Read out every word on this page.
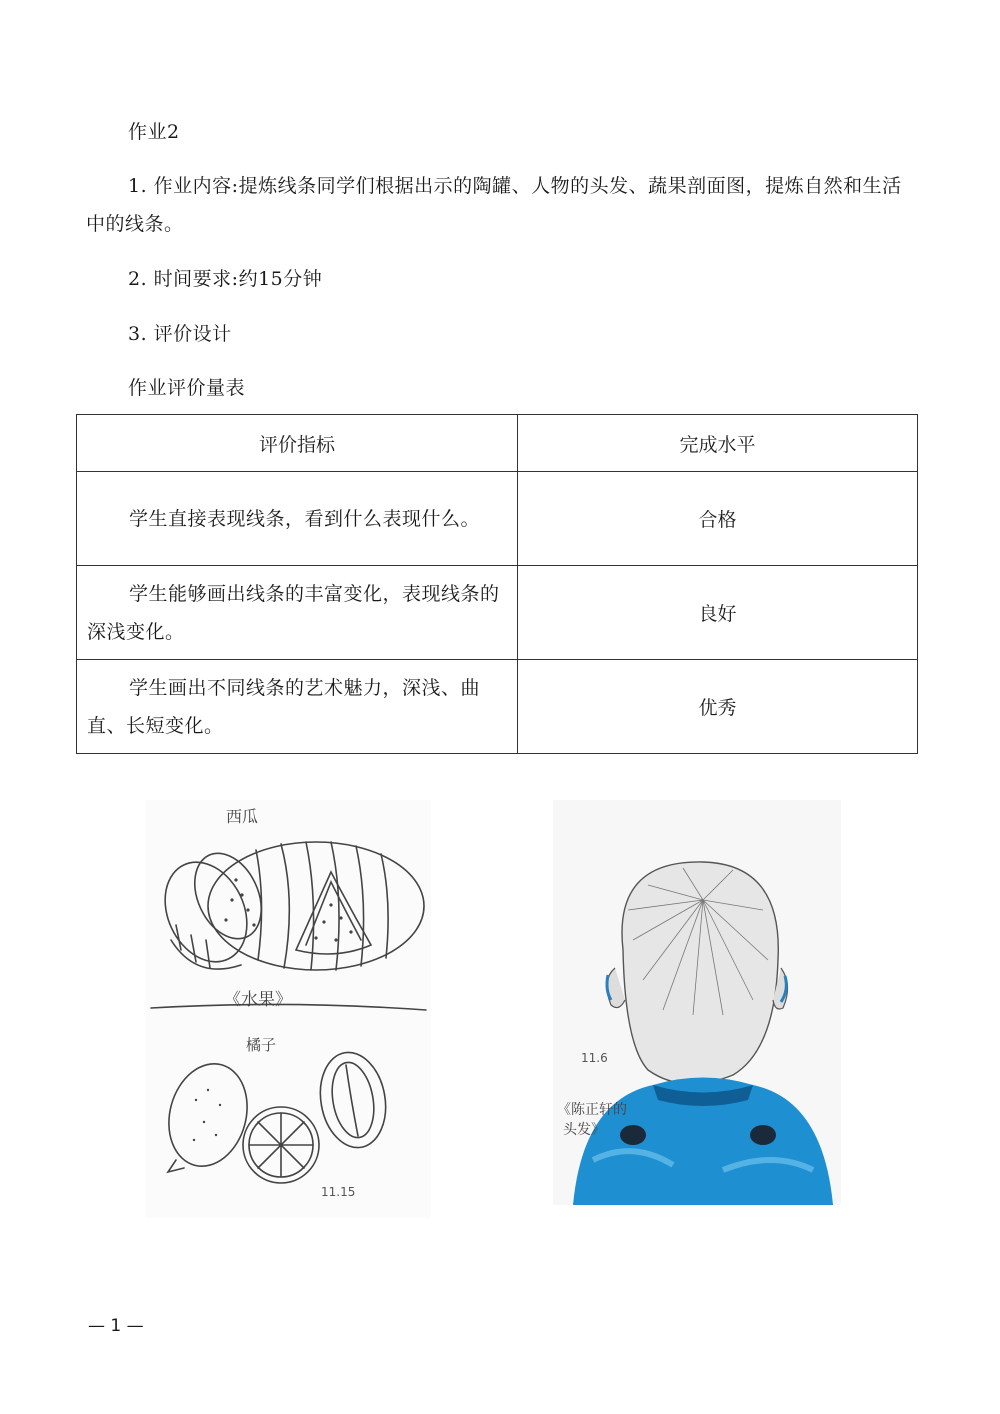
作业2
1. 作业内容:提炼线条同学们根据出示的陶罐、人物的头发、蔬果剖面图，提炼自然和生活中的线条。
2. 时间要求:约15分钟
3. 评价设计
作业评价量表
评价指标	完成水平
学生直接表现线条，看到什么表现什么。	合格
学生能够画出线条的丰富变化，表现线条的深浅变化。	良好
学生画出不同线条的艺术魅力，深浅、曲直、长短变化。	优秀
西瓜
《水果》
橘子
11.15
11.6
《陈正轩的
头发》
— 1 —
